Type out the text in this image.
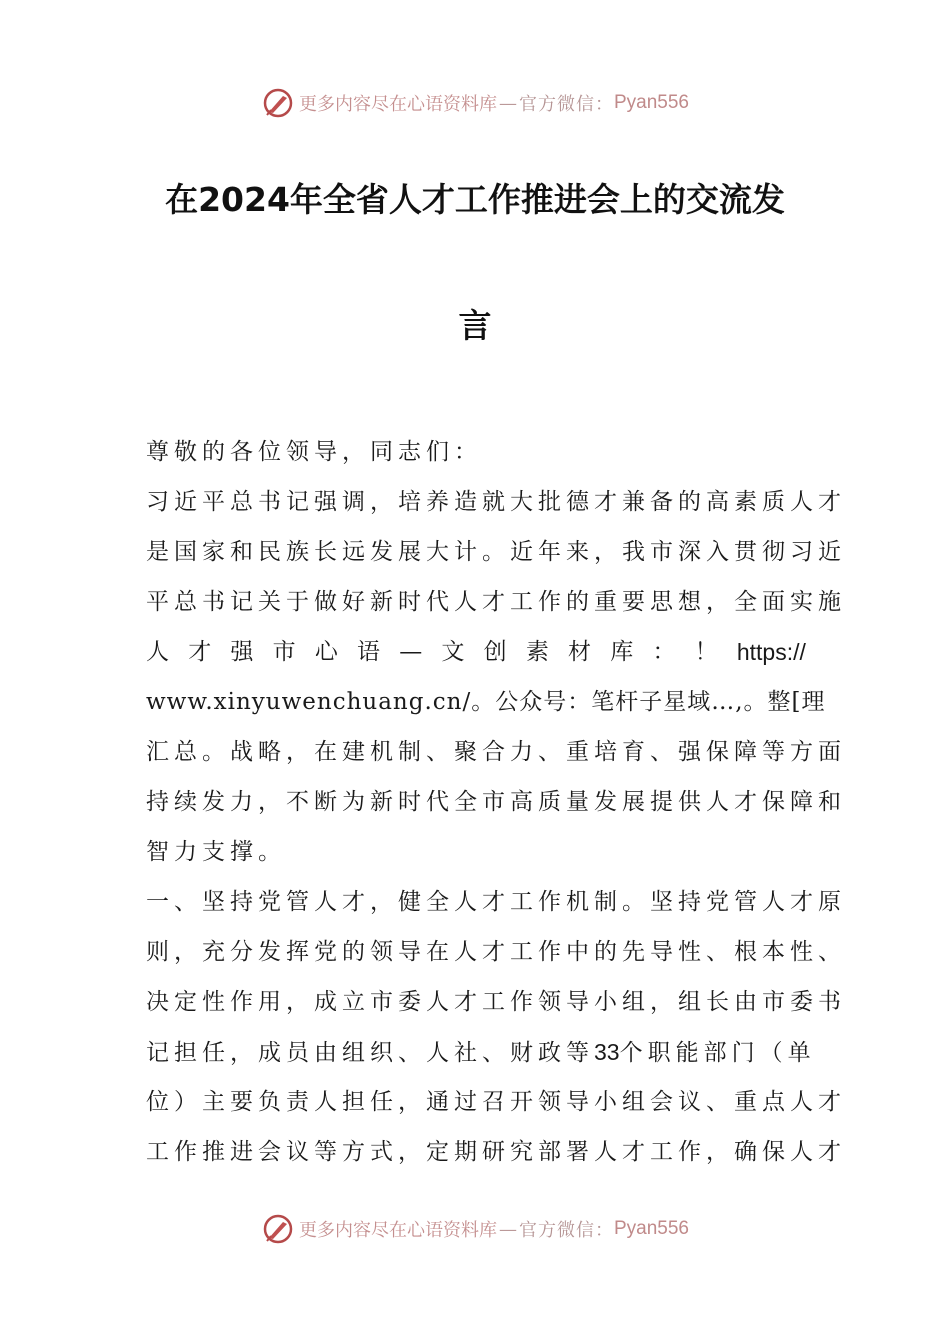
更多内容尽在心语资料库 — 官方微信： Pyan556
在2024年全省人才工作推进会上的交流发
言
尊敬的各位领导，同志们：
习近平总书记强调，培养造就大批德才兼备的高素质人才
是国家和民族长远发展大计。近年来，我市深入贯彻习近
平总书记关于做好新时代人才工作的重要思想，全面实施
人 才 强 市 心 语 — 文 创 素 材 库 ： ！ https://
www.xinyuwenchuang.cn/。公众号：笔杆子星域…,。整[理
汇总。战略，在建机制、聚合力、重培育、强保障等方面
持续发力，不断为新时代全市高质量发展提供人才保障和
智力支撑。
一、坚持党管人才，健全人才工作机制。坚持党管人才原
则，充分发挥党的领导在人才工作中的先导性、根本性、
决定性作用，成立市委人才工作领导小组，组长由市委书
记担任，成员由组织、人社、财政等33个职能部门（单
位）主要负责人担任，通过召开领导小组会议、重点人才
工作推进会议等方式，定期研究部署人才工作，确保人才
更多内容尽在心语资料库 — 官方微信： Pyan556
